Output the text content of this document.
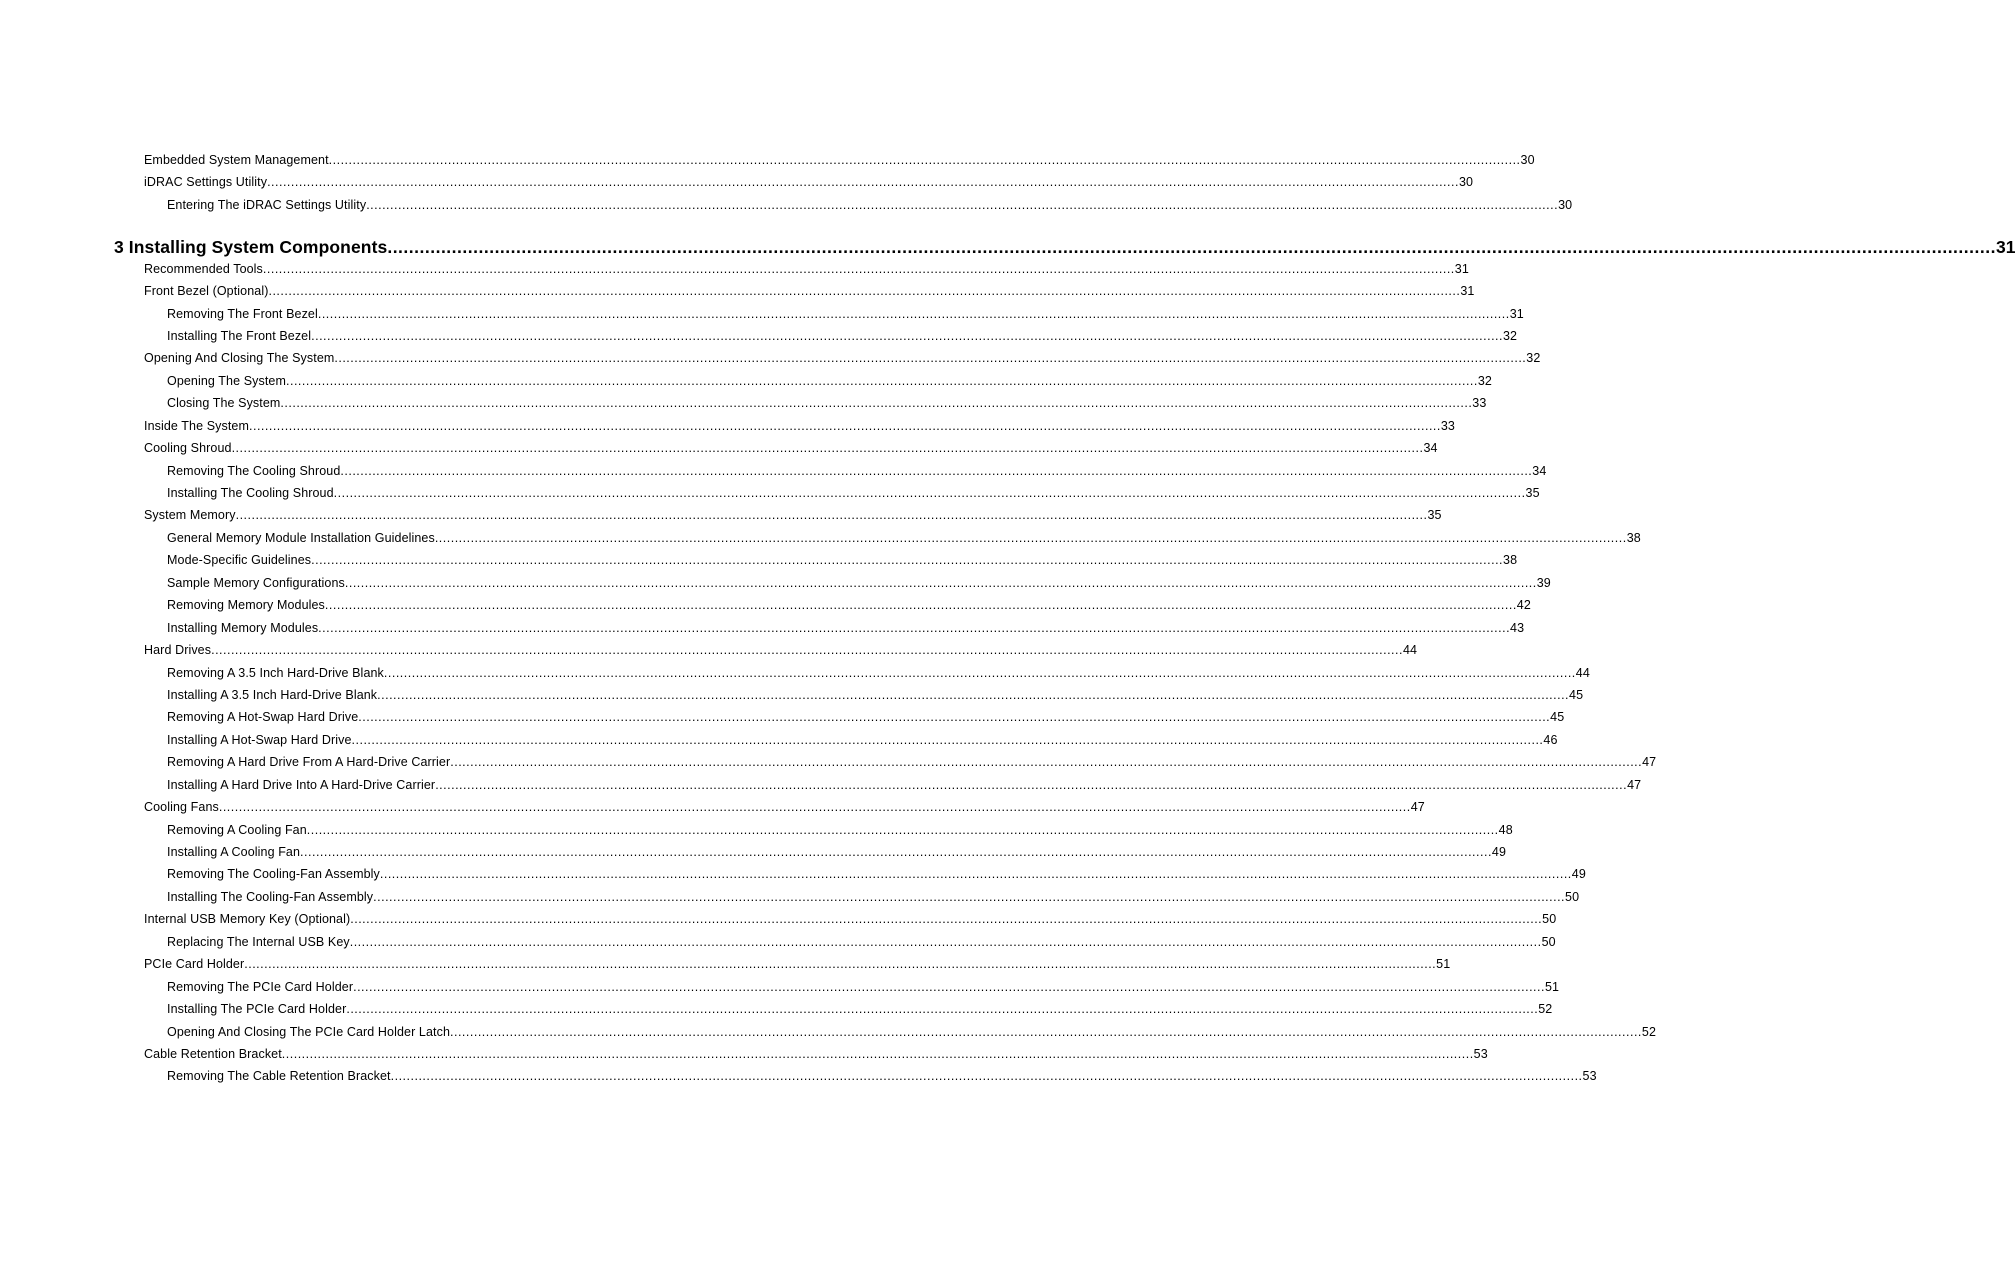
Embedded System Management ............................................................................................................................................................................................................................................................................................................ 30
iDRAC Settings Utility ............................................................................................................................................................................................................................................................................................................ 30
Entering The iDRAC Settings Utility ............................................................................................................................................................................................................................................................................................................ 30
3 Installing System Components ............................................................................................................................................................................................................................................................................................................ 31
Recommended Tools ............................................................................................................................................................................................................................................................................................................ 31
Front Bezel (Optional) ............................................................................................................................................................................................................................................................................................................ 31
Removing The Front Bezel ............................................................................................................................................................................................................................................................................................................ 31
Installing The Front Bezel ............................................................................................................................................................................................................................................................................................................ 32
Opening And Closing The System ............................................................................................................................................................................................................................................................................................................ 32
Opening The System ............................................................................................................................................................................................................................................................................................................ 32
Closing The System ............................................................................................................................................................................................................................................................................................................ 33
Inside The System ............................................................................................................................................................................................................................................................................................................ 33
Cooling Shroud ............................................................................................................................................................................................................................................................................................................ 34
Removing The Cooling Shroud ............................................................................................................................................................................................................................................................................................................ 34
Installing The Cooling Shroud ............................................................................................................................................................................................................................................................................................................ 35
System Memory ............................................................................................................................................................................................................................................................................................................ 35
General Memory Module Installation Guidelines ............................................................................................................................................................................................................................................................................................................ 38
Mode-Specific Guidelines ............................................................................................................................................................................................................................................................................................................ 38
Sample Memory Configurations ............................................................................................................................................................................................................................................................................................................ 39
Removing Memory Modules ............................................................................................................................................................................................................................................................................................................ 42
Installing Memory Modules ............................................................................................................................................................................................................................................................................................................ 43
Hard Drives ............................................................................................................................................................................................................................................................................................................ 44
Removing A 3.5 Inch Hard-Drive Blank ............................................................................................................................................................................................................................................................................................................ 44
Installing A 3.5 Inch Hard-Drive Blank ............................................................................................................................................................................................................................................................................................................ 45
Removing A Hot-Swap Hard Drive ............................................................................................................................................................................................................................................................................................................ 45
Installing A Hot-Swap Hard Drive ............................................................................................................................................................................................................................................................................................................ 46
Removing A Hard Drive From A Hard-Drive Carrier ............................................................................................................................................................................................................................................................................................................ 47
Installing A Hard Drive Into A Hard-Drive Carrier ............................................................................................................................................................................................................................................................................................................ 47
Cooling Fans ............................................................................................................................................................................................................................................................................................................ 47
Removing A Cooling Fan ............................................................................................................................................................................................................................................................................................................ 48
Installing A Cooling Fan ............................................................................................................................................................................................................................................................................................................ 49
Removing The Cooling-Fan Assembly ............................................................................................................................................................................................................................................................................................................ 49
Installing The Cooling-Fan Assembly ............................................................................................................................................................................................................................................................................................................ 50
Internal USB Memory Key (Optional) ............................................................................................................................................................................................................................................................................................................ 50
Replacing The Internal USB Key ............................................................................................................................................................................................................................................................................................................ 50
PCIe Card Holder ............................................................................................................................................................................................................................................................................................................ 51
Removing The PCIe Card Holder ............................................................................................................................................................................................................................................................................................................ 51
Installing The PCIe Card Holder ............................................................................................................................................................................................................................................................................................................ 52
Opening And Closing The PCIe Card Holder Latch ............................................................................................................................................................................................................................................................................................................ 52
Cable Retention Bracket ............................................................................................................................................................................................................................................................................................................ 53
Removing The Cable Retention Bracket ............................................................................................................................................................................................................................................................................................................ 53
